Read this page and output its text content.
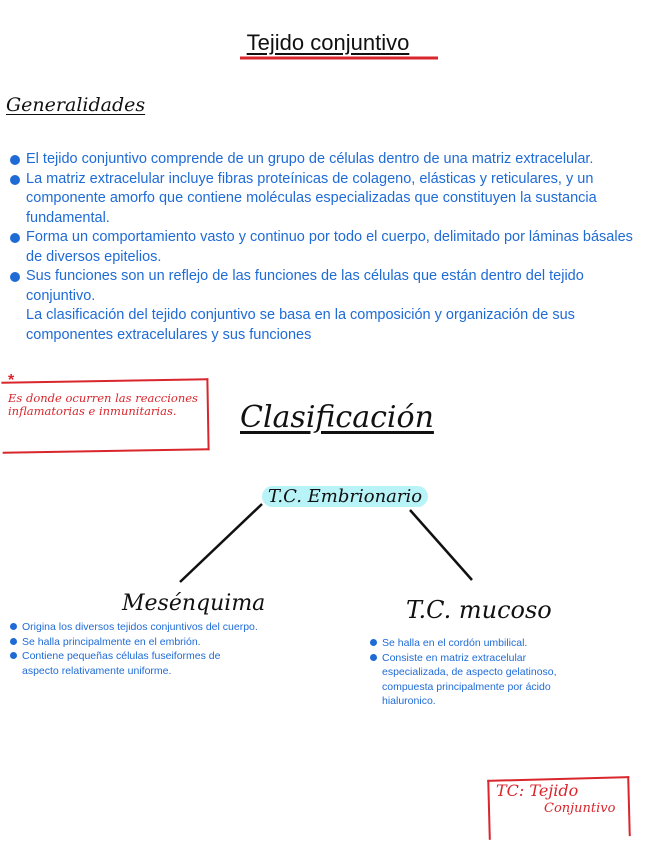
Tejido conjuntivo
Generalidades
El tejido conjuntivo comprende de un grupo de células dentro de una matriz extracelular.
La matriz extracelular incluye fibras proteínicas de colageno, elásticas y reticulares, y un componente amorfo que contiene moléculas especializadas que constituyen la sustancia fundamental.
Forma un comportamiento vasto y continuo por todo el cuerpo, delimitado por láminas básales de diversos epitelios.
Sus funciones son un reflejo de las funciones de las células que están dentro del tejido conjuntivo.
La clasificación del tejido conjuntivo se basa en la composición y organización de sus componentes extracelulares y sus funciones
*
Es donde ocurren las reacciones inflamatorias e inmunitarias.	Clasificación
T.C. Embrionario
Mesénquima	T.C. mucoso
Origina los diversos tejidos conjuntivos del cuerpo.
Se halla principalmente en el embrión.
Contiene pequeñas células fuseiformes de aspecto relativamente uniforme.
Se halla en el cordón umbilical.
Consiste en matriz extracelular especializada, de aspecto gelatinoso, compuesta principalmente por ácido hialuronico.
TC: Tejido
Conjuntivo
